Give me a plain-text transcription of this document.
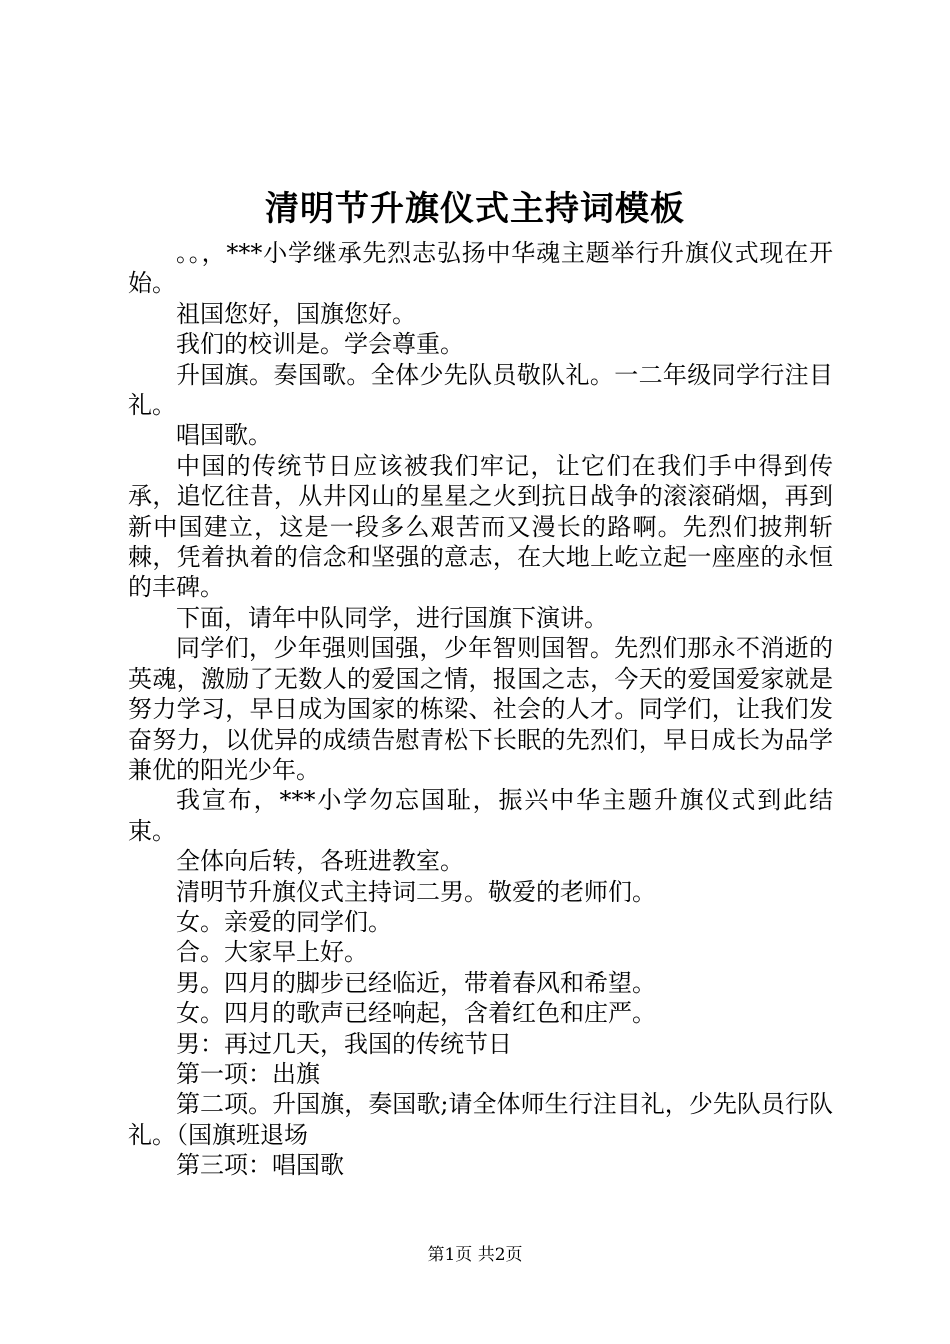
清明节升旗仪式主持词模板

。。，***小学继承先烈志弘扬中华魂主题举行升旗仪式现在开始。

祖国您好，国旗您好。

我们的校训是。学会尊重。

升国旗。奏国歌。全体少先队员敬队礼。一二年级同学行注目礼。

唱国歌。

中国的传统节日应该被我们牢记，让它们在我们手中得到传承，追忆往昔，从井冈山的星星之火到抗日战争的滚滚硝烟，再到新中国建立，这是一段多么艰苦而又漫长的路啊。先烈们披荆斩棘，凭着执着的信念和坚强的意志，在大地上屹立起一座座的永恒的丰碑。

下面，请年中队同学，进行国旗下演讲。

同学们，少年强则国强，少年智则国智。先烈们那永不消逝的英魂，激励了无数人的爱国之情，报国之志，今天的爱国爱家就是努力学习，早日成为国家的栋梁、社会的人才。同学们，让我们发奋努力，以优异的成绩告慰青松下长眠的先烈们，早日成长为品学兼优的阳光少年。

我宣布，***小学勿忘国耻，振兴中华主题升旗仪式到此结束。

全体向后转，各班进教室。

清明节升旗仪式主持词二男。敬爱的老师们。

女。亲爱的同学们。

合。大家早上好。

男。四月的脚步已经临近，带着春风和希望。

女。四月的歌声已经响起，含着红色和庄严。

男：再过几天，我国的传统节日

第一项：出旗

第二项。升国旗，奏国歌;请全体师生行注目礼，少先队员行队礼。（国旗班退场

第三项：唱国歌

第1页 共2页
